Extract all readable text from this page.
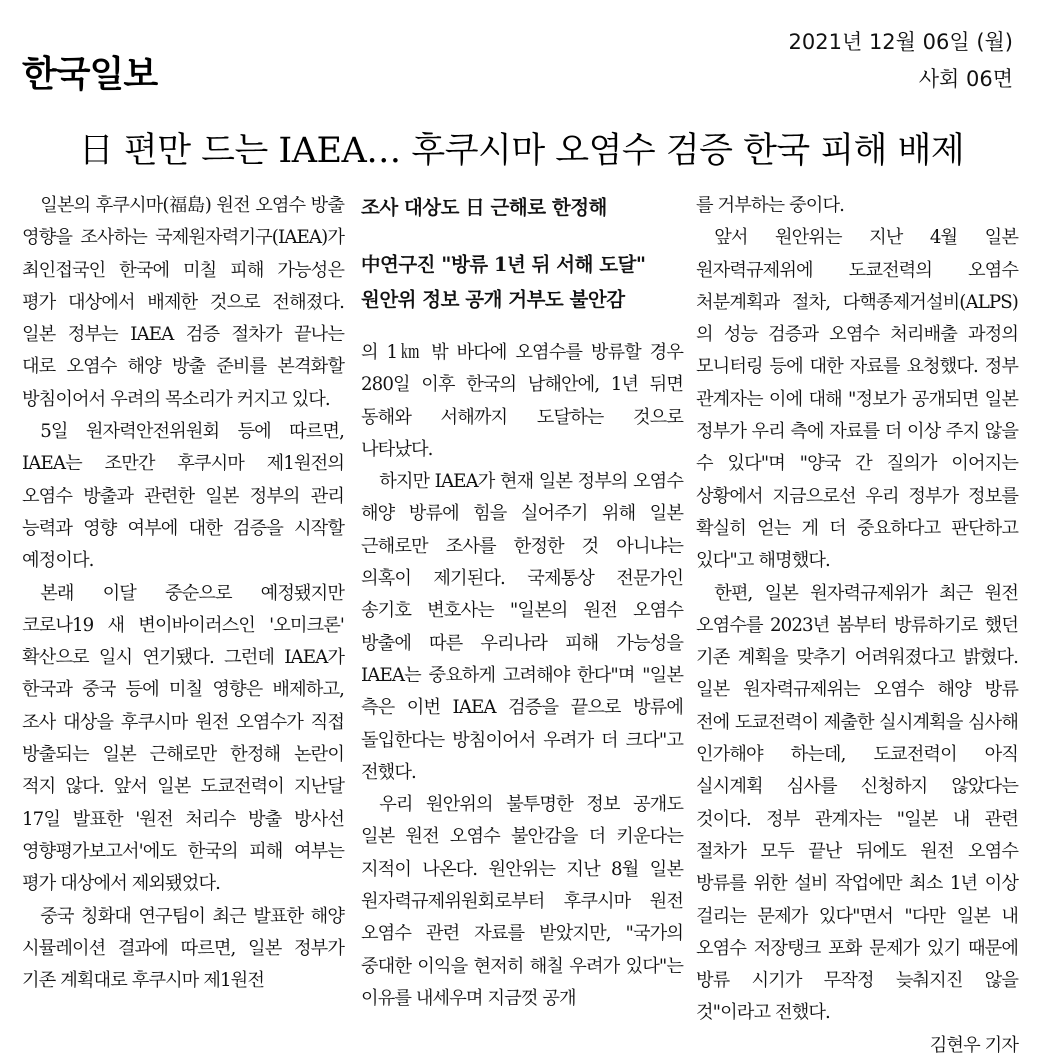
한국일보
2021년 12월 06일 (월)
사회 06면
日 편만 드는 IAEA… 후쿠시마 오염수 검증 한국 피해 배제

일본의 후쿠시마(福島) 원전 오염수 방출 영향을 조사하는 국제원자력기구(IAEA)가 최인접국인 한국에 미칠 피해 가능성은 평가 대상에서 배제한 것으로 전해졌다. 일본 정부는 IAEA 검증 절차가 끝나는 대로 오염수 해양 방출 준비를 본격화할 방침이어서 우려의 목소리가 커지고 있다.

5일 원자력안전위원회 등에 따르면, IAEA는 조만간 후쿠시마 제1원전의 오염수 방출과 관련한 일본 정부의 관리 능력과 영향 여부에 대한 검증을 시작할 예정이다.

본래 이달 중순으로 예정됐지만 코로나19 새 변이바이러스인 '오미크론' 확산으로 일시 연기됐다. 그런데 IAEA가 한국과 중국 등에 미칠 영향은 배제하고, 조사 대상을 후쿠시마 원전 오염수가 직접 방출되는 일본 근해로만 한정해 논란이 적지 않다. 앞서 일본 도쿄전력이 지난달 17일 발표한 '원전 처리수 방출 방사선 영향평가보고서'에도 한국의 피해 여부는 평가 대상에서 제외됐었다.

중국 칭화대 연구팀이 최근 발표한 해양 시뮬레이션 결과에 따르면, 일본 정부가 기존 계획대로 후쿠시마 제1원전

조사 대상도 日 근해로 한정해
中연구진 "방류 1년 뒤 서해 도달"
원안위 정보 공개 거부도 불안감

의 1㎞ 밖 바다에 오염수를 방류할 경우 280일 이후 한국의 남해안에, 1년 뒤면 동해와 서해까지 도달하는 것으로 나타났다.

하지만 IAEA가 현재 일본 정부의 오염수 해양 방류에 힘을 실어주기 위해 일본 근해로만 조사를 한정한 것 아니냐는 의혹이 제기된다. 국제통상 전문가인 송기호 변호사는 "일본의 원전 오염수 방출에 따른 우리나라 피해 가능성을 IAEA는 중요하게 고려해야 한다"며 "일본 측은 이번 IAEA 검증을 끝으로 방류에 돌입한다는 방침이어서 우려가 더 크다"고 전했다.

우리 원안위의 불투명한 정보 공개도 일본 원전 오염수 불안감을 더 키운다는 지적이 나온다. 원안위는 지난 8월 일본 원자력규제위원회로부터 후쿠시마 원전 오염수 관련 자료를 받았지만, "국가의 중대한 이익을 현저히 해칠 우려가 있다"는 이유를 내세우며 지금껏 공개

를 거부하는 중이다.

앞서 원안위는 지난 4월 일본 원자력규제위에 도쿄전력의 오염수 처분계획과 절차, 다핵종제거설비(ALPS)의 성능 검증과 오염수 처리배출 과정의 모니터링 등에 대한 자료를 요청했다. 정부 관계자는 이에 대해 "정보가 공개되면 일본 정부가 우리 측에 자료를 더 이상 주지 않을 수 있다"며 "양국 간 질의가 이어지는 상황에서 지금으로선 우리 정부가 정보를 확실히 얻는 게 더 중요하다고 판단하고 있다"고 해명했다.

한편, 일본 원자력규제위가 최근 원전 오염수를 2023년 봄부터 방류하기로 했던 기존 계획을 맞추기 어려워졌다고 밝혔다. 일본 원자력규제위는 오염수 해양 방류 전에 도쿄전력이 제출한 실시계획을 심사해 인가해야 하는데, 도쿄전력이 아직 실시계획 심사를 신청하지 않았다는 것이다. 정부 관계자는 "일본 내 관련 절차가 모두 끝난 뒤에도 원전 오염수 방류를 위한 설비 작업에만 최소 1년 이상 걸리는 문제가 있다"면서 "다만 일본 내 오염수 저장탱크 포화 문제가 있기 때문에 방류 시기가 무작정 늦춰지진 않을 것"이라고 전했다.

김현우 기자
